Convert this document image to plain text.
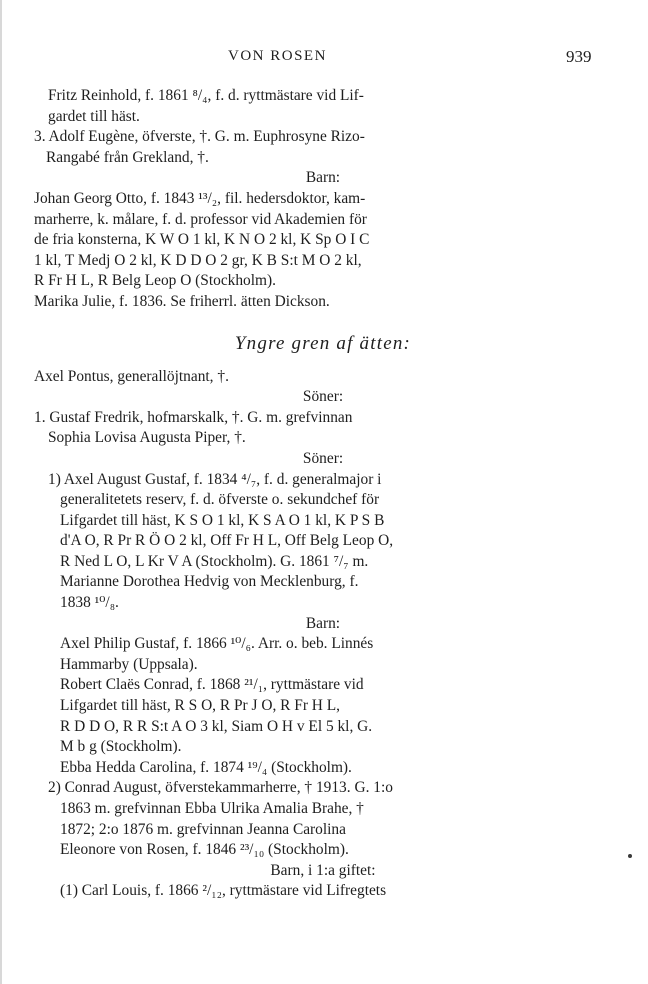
VON ROSEN	939
Fritz Reinhold, f. 1861 ⁸/₄, f. d. ryttmästare vid Lif-
gardet till häst.
3. Adolf Eugène, öfverste, †. G. m. Euphrosyne Rizo-
Rangabé från Grekland, †.
Barn:
Johan Georg Otto, f. 1843 ¹³/₂, fil. hedersdoktor, kam-
marherre, k. målare, f. d. professor vid Akademien för
de fria konsterna, K W O 1 kl, K N O 2 kl, K Sp O I C
1 kl, T Medj O 2 kl, K D D O 2 gr, K B S:t M O 2 kl,
R Fr H L, R Belg Leop O (Stockholm).
Marika Julie, f. 1836. Se friherrl. ätten Dickson.
Yngre gren af ätten:
Axel Pontus, generallöjtnant, †.
Söner:
1. Gustaf Fredrik, hofmarskalk, †. G. m. grefvinnan
Sophia Lovisa Augusta Piper, †.
Söner:
1) Axel August Gustaf, f. 1834 ⁴/₇, f. d. generalmajor i
generalitetets reserv, f. d. öfverste o. sekundchef för
Lifgardet till häst, K S O 1 kl, K S A O 1 kl, K P S B
d'A O, R Pr R Ö O 2 kl, Off Fr H L, Off Belg Leop O,
R Ned L O, L Kr V A (Stockholm). G. 1861 ⁷/₇ m.
Marianne Dorothea Hedvig von Mecklenburg, f.
1838 ¹⁰/₈.
Barn:
Axel Philip Gustaf, f. 1866 ¹⁰/₆. Arr. o. beb. Linnés
Hammarby (Uppsala).
Robert Claës Conrad, f. 1868 ²¹/₁, ryttmästare vid
Lifgardet till häst, R S O, R Pr J O, R Fr H L,
R D D O, R R S:t A O 3 kl, Siam O H v El 5 kl, G.
M b g (Stockholm).
Ebba Hedda Carolina, f. 1874 ¹⁹/₄ (Stockholm).
2) Conrad August, öfverstekammarherre, † 1913. G. 1:o
1863 m. grefvinnan Ebba Ulrika Amalia Brahe, †
1872; 2:o 1876 m. grefvinnan Jeanna Carolina
Eleonore von Rosen, f. 1846 ²³/₁₀ (Stockholm).
Barn, i 1:a giftet:
(1) Carl Louis, f. 1866 ²/₁₂, ryttmästare vid Lifregtets
